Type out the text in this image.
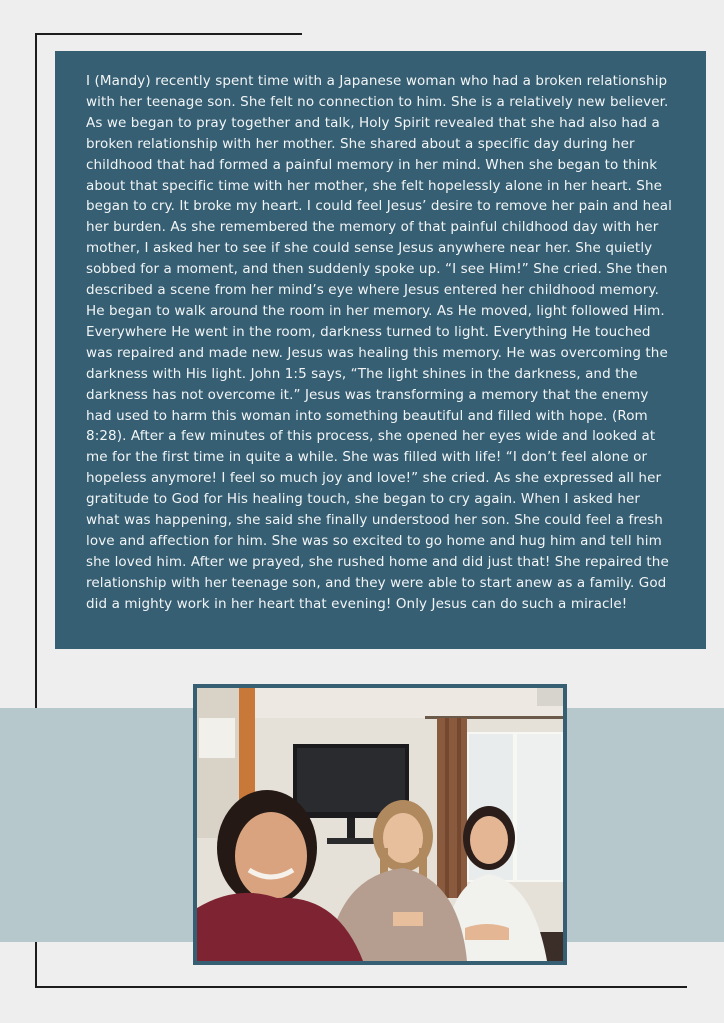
I (Mandy) recently spent time with a Japanese woman who had a broken relationship with her teenage son. She felt no connection to him. She is a relatively new believer. As we began to pray together and talk, Holy Spirit revealed that she had also had a broken relationship with her mother. She shared about a specific day during her childhood that had formed a painful memory in her mind. When she began to think about that specific time with her mother, she felt hopelessly alone in her heart. She began to cry. It broke my heart. I could feel Jesus’ desire to remove her pain and heal her burden. As she remembered the memory of that painful childhood day with her mother, I asked her to see if she could sense Jesus anywhere near her. She quietly sobbed for a moment, and then suddenly spoke up. “I see Him!” She cried. She then described a scene from her mind’s eye where Jesus entered her childhood memory. He began to walk around the room in her memory. As He moved, light followed Him. Everywhere He went in the room, darkness turned to light. Everything He touched was repaired and made new. Jesus was healing this memory. He was overcoming the darkness with His light. John 1:5 says, “The light shines in the darkness, and the darkness has not overcome it.” Jesus was transforming a memory that the enemy had used to harm this woman into something beautiful and filled with hope. (Rom 8:28). After a few minutes of this process, she opened her eyes wide and looked at me for the first time in quite a while. She was filled with life! “I don’t feel alone or hopeless anymore! I feel so much joy and love!” she cried. As she expressed all her gratitude to God for His healing touch, she began to cry again. When I asked her what was happening, she said she finally understood her son. She could feel a fresh love and affection for him. She was so excited to go home and hug him and tell him she loved him. After we prayed, she rushed home and did just that! She repaired the relationship with her teenage son, and they were able to start anew as a family. God did a mighty work in her heart that evening! Only Jesus can do such a miracle!
